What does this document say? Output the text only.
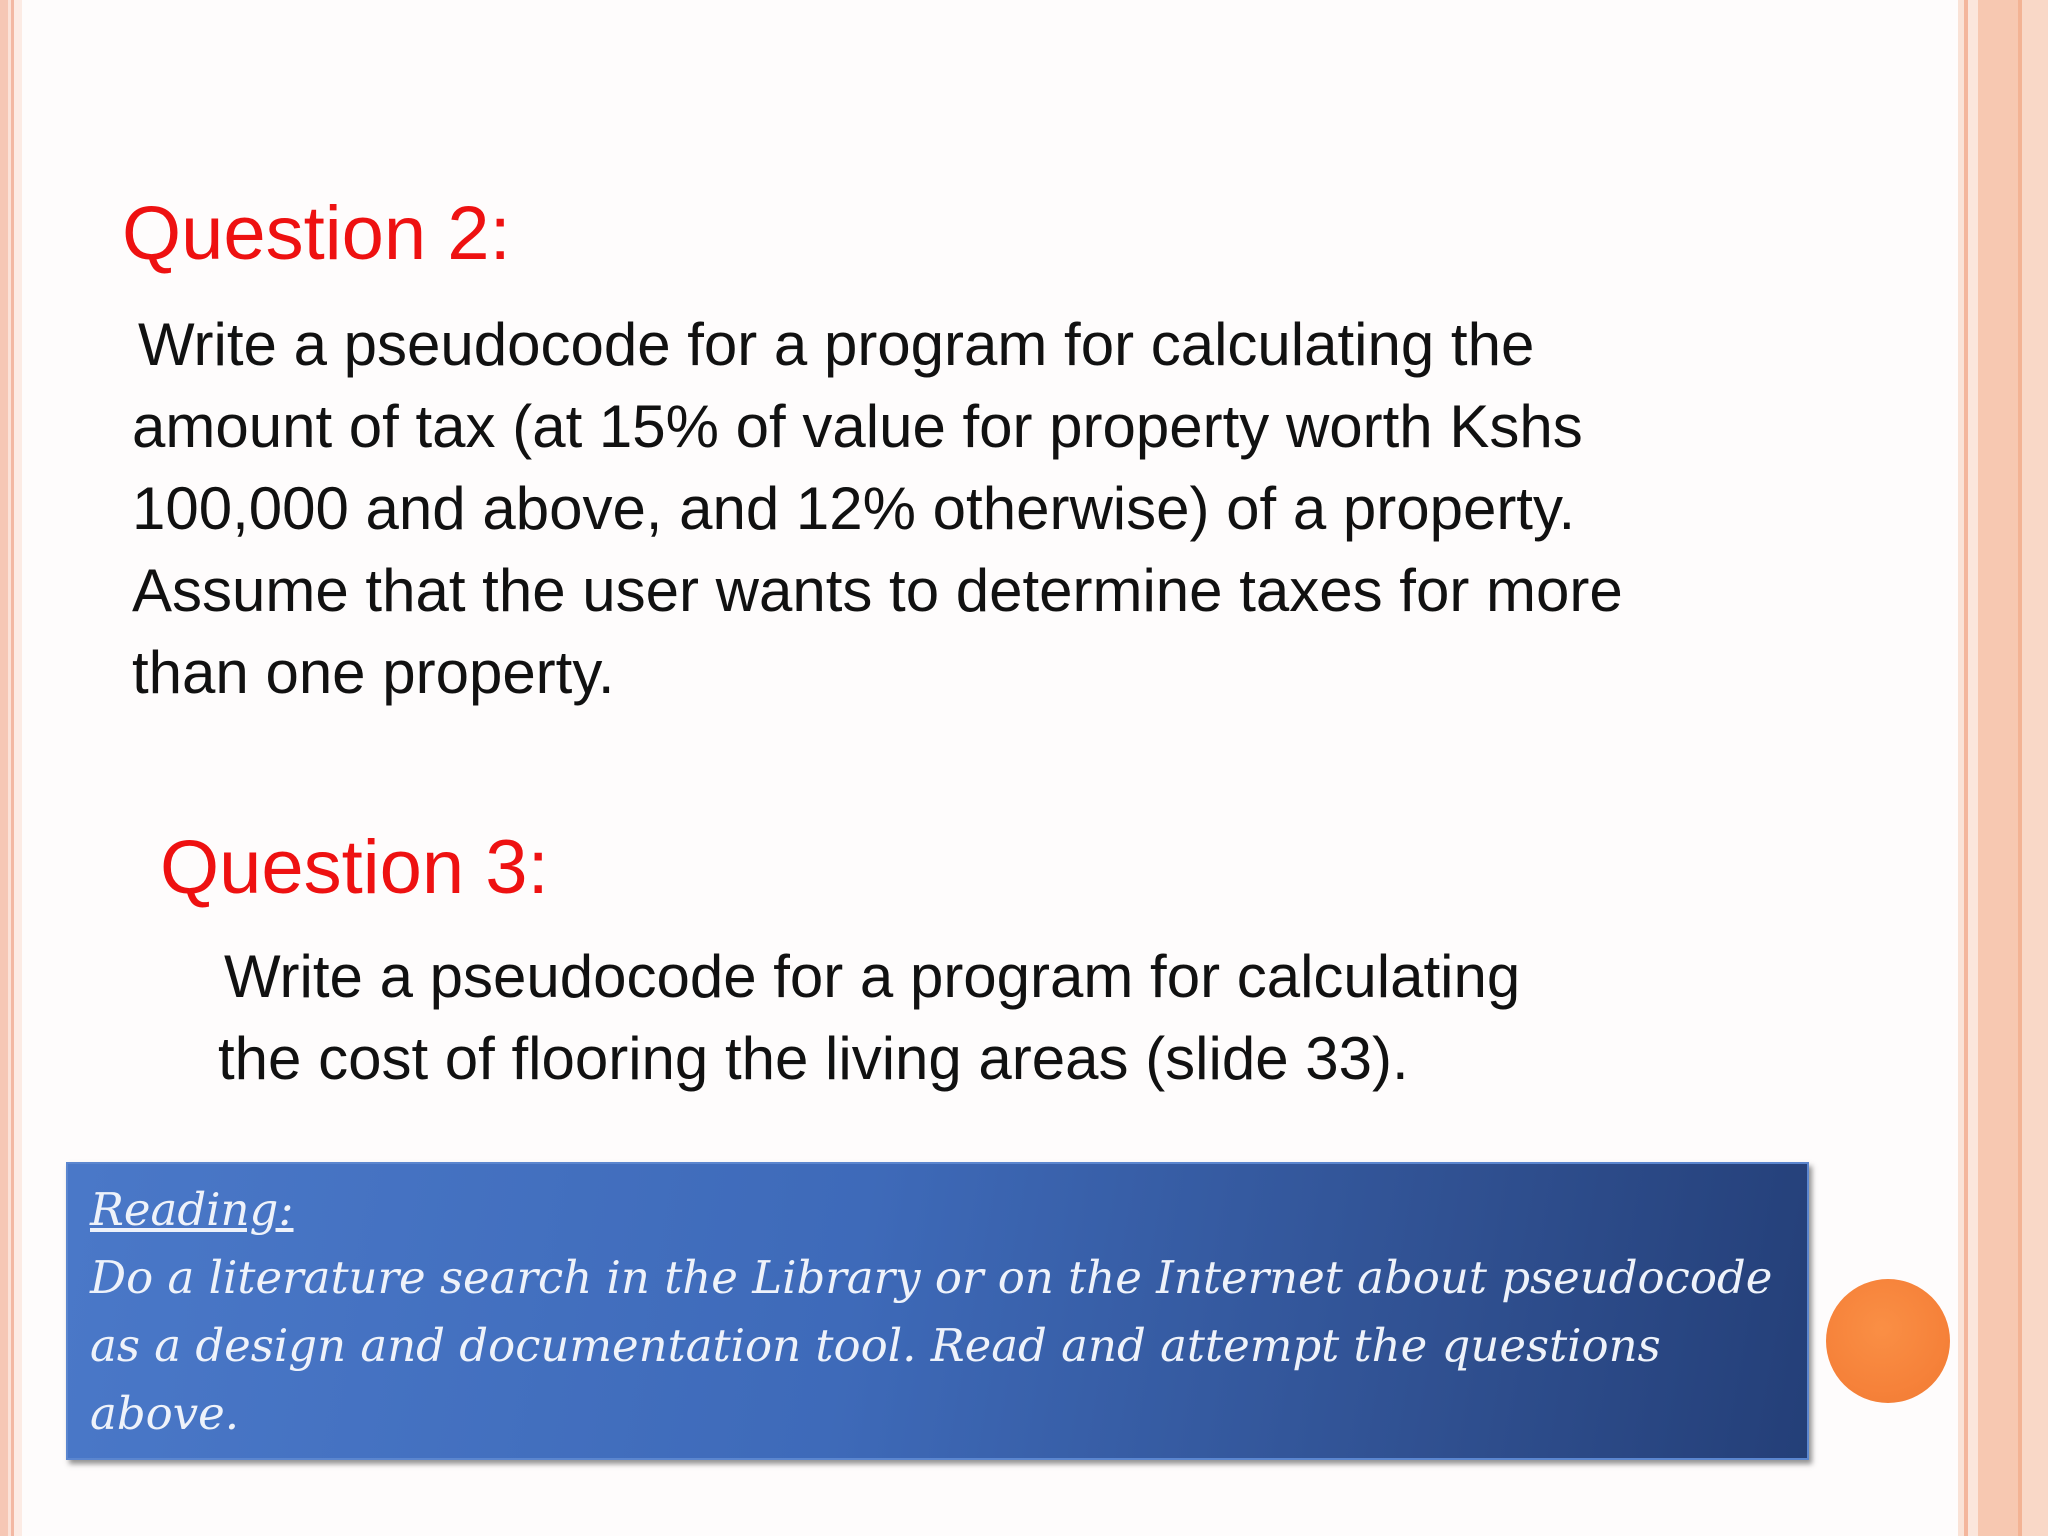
Question 2:
Write a pseudocode for a program for calculating the
amount of tax (at 15% of value for property worth Kshs
100,000 and above, and 12% otherwise) of a property.
Assume that the user wants to determine taxes for more
than one property.
Question 3:
Write a pseudocode for a program for calculating
the cost of flooring the living areas (slide 33).
Reading:
Do a literature search in the Library or on the Internet about pseudocode
as a design and documentation tool. Read and attempt the questions
above.
